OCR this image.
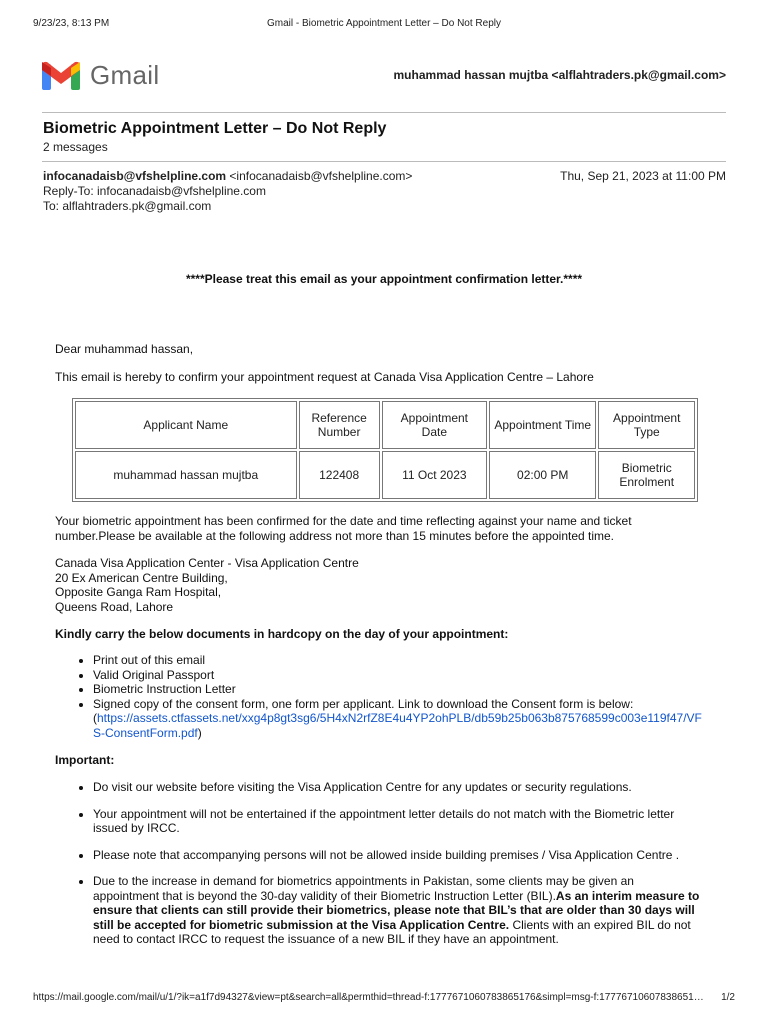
9/23/23, 8:13 PM	Gmail - Biometric Appointment Letter – Do Not Reply
Gmail	muhammad hassan mujtba <alflahtraders.pk@gmail.com>
Biometric Appointment Letter – Do Not Reply
2 messages
infocanadaisb@vfshelpline.com <infocanadaisb@vfshelpline.com>	Thu, Sep 21, 2023 at 11:00 PM
Reply-To: infocanadaisb@vfshelpline.com
To: alflahtraders.pk@gmail.com
****Please treat this email as your appointment confirmation letter.****
Dear muhammad hassan,
This email is hereby to confirm your appointment request at Canada Visa Application Centre – Lahore
Applicant Name	Reference Number	Appointment Date	Appointment Time	Appointment Type
muhammad hassan mujtba	122408	11 Oct 2023	02:00 PM	Biometric Enrolment
Your biometric appointment has been confirmed for the date and time reflecting against your name and ticket number.Please be available at the following address not more than 15 minutes before the appointed time.
Canada Visa Application Center - Visa Application Centre
20 Ex American Centre Building,
Opposite Ganga Ram Hospital,
Queens Road, Lahore
Kindly carry the below documents in hardcopy on the day of your appointment:
• Print out of this email
• Valid Original Passport
• Biometric Instruction Letter
• Signed copy of the consent form, one form per applicant. Link to download the Consent form is below:
(https://assets.ctfassets.net/xxg4p8gt3sg6/5H4xN2rfZ8E4u4YP2ohPLB/db59b25b063b875768599c003e119f47/VFS-ConsentForm.pdf)
Important:
• Do visit our website before visiting the Visa Application Centre for any updates or security regulations.
• Your appointment will not be entertained if the appointment letter details do not match with the Biometric letter issued by IRCC.
• Please note that accompanying persons will not be allowed inside building premises / Visa Application Centre .
• Due to the increase in demand for biometrics appointments in Pakistan, some clients may be given an appointment that is beyond the 30-day validity of their Biometric Instruction Letter (BIL).As an interim measure to ensure that clients can still provide their biometrics, please note that BIL’s that are older than 30 days will still be accepted for biometric submission at the Visa Application Centre. Clients with an expired BIL do not need to contact IRCC to request the issuance of a new BIL if they have an appointment.
https://mail.google.com/mail/u/1/?ik=a1f7d94327&view=pt&search=all&permthid=thread-f:1777671060783865176&simpl=msg-f:17776710607838651…	1/2
